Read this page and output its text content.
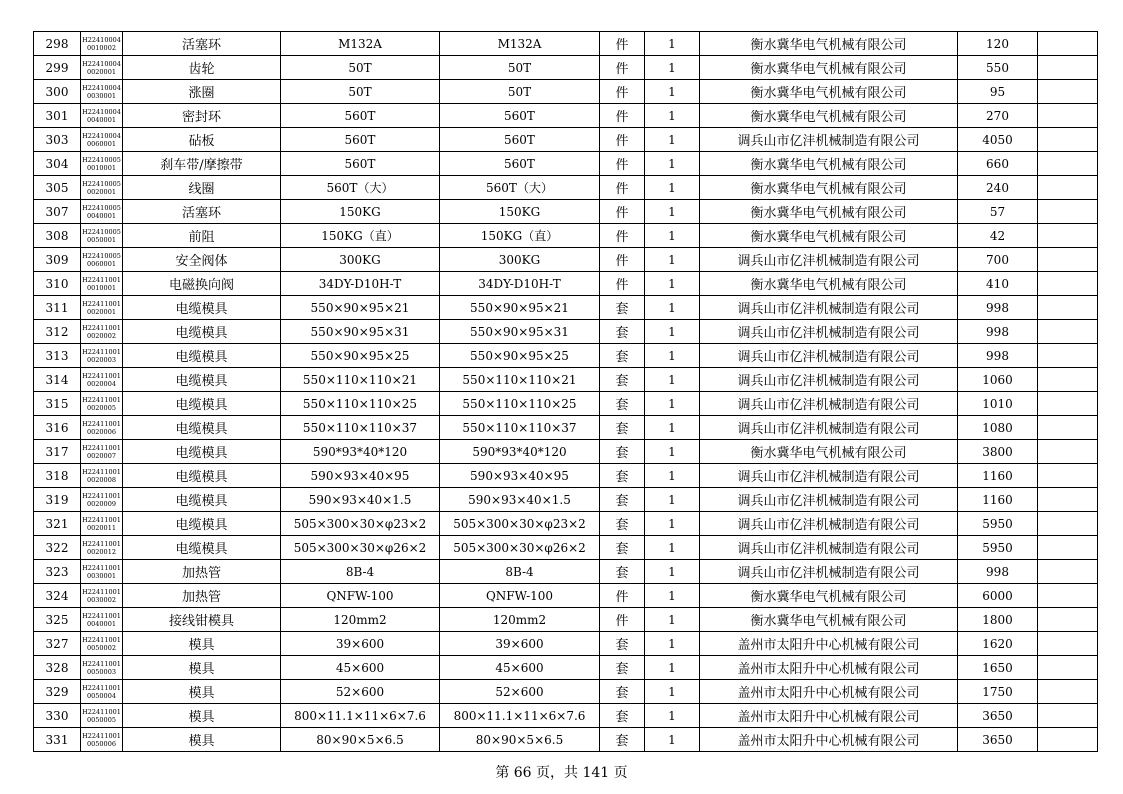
298	H22410004 0010002	活塞环	M132A	M132A	件	1	衡水冀华电气机械有限公司	120	
299	H22410004 0020001	齿轮	50T	50T	件	1	衡水冀华电气机械有限公司	550	
300	H22410004 0030001	涨圈	50T	50T	件	1	衡水冀华电气机械有限公司	95	
301	H22410004 0040001	密封环	560T	560T	件	1	衡水冀华电气机械有限公司	270	
303	H22410004 0060001	砧板	560T	560T	件	1	调兵山市亿沣机械制造有限公司	4050	
304	H22410005 0010001	刹车带/摩擦带	560T	560T	件	1	衡水冀华电气机械有限公司	660	
305	H22410005 0020001	线圈	560T（大）	560T（大）	件	1	衡水冀华电气机械有限公司	240	
307	H22410005 0040001	活塞环	150KG	150KG	件	1	衡水冀华电气机械有限公司	57	
308	H22410005 0050001	前阻	150KG（直）	150KG（直）	件	1	衡水冀华电气机械有限公司	42	
309	H22410005 0060001	安全阀体	300KG	300KG	件	1	调兵山市亿沣机械制造有限公司	700	
310	H22411001 0010001	电磁换向阀	34DY-D10H-T	34DY-D10H-T	件	1	衡水冀华电气机械有限公司	410	
311	H22411001 0020001	电缆模具	550×90×95×21	550×90×95×21	套	1	调兵山市亿沣机械制造有限公司	998	
312	H22411001 0020002	电缆模具	550×90×95×31	550×90×95×31	套	1	调兵山市亿沣机械制造有限公司	998	
313	H22411001 0020003	电缆模具	550×90×95×25	550×90×95×25	套	1	调兵山市亿沣机械制造有限公司	998	
314	H22411001 0020004	电缆模具	550×110×110×21	550×110×110×21	套	1	调兵山市亿沣机械制造有限公司	1060	
315	H22411001 0020005	电缆模具	550×110×110×25	550×110×110×25	套	1	调兵山市亿沣机械制造有限公司	1010	
316	H22411001 0020006	电缆模具	550×110×110×37	550×110×110×37	套	1	调兵山市亿沣机械制造有限公司	1080	
317	H22411001 0020007	电缆模具	590*93*40*120	590*93*40*120	套	1	衡水冀华电气机械有限公司	3800	
318	H22411001 0020008	电缆模具	590×93×40×95	590×93×40×95	套	1	调兵山市亿沣机械制造有限公司	1160	
319	H22411001 0020009	电缆模具	590×93×40×1.5	590×93×40×1.5	套	1	调兵山市亿沣机械制造有限公司	1160	
321	H22411001 0020011	电缆模具	505×300×30×φ23×2	505×300×30×φ23×2	套	1	调兵山市亿沣机械制造有限公司	5950	
322	H22411001 0020012	电缆模具	505×300×30×φ26×2	505×300×30×φ26×2	套	1	调兵山市亿沣机械制造有限公司	5950	
323	H22411001 0030001	加热管	8B-4	8B-4	套	1	调兵山市亿沣机械制造有限公司	998	
324	H22411001 0030002	加热管	QNFW-100	QNFW-100	件	1	衡水冀华电气机械有限公司	6000	
325	H22411001 0040001	接线钳模具	120mm2	120mm2	件	1	衡水冀华电气机械有限公司	1800	
327	H22411001 0050002	模具	39×600	39×600	套	1	盖州市太阳升中心机械有限公司	1620	
328	H22411001 0050003	模具	45×600	45×600	套	1	盖州市太阳升中心机械有限公司	1650	
329	H22411001 0050004	模具	52×600	52×600	套	1	盖州市太阳升中心机械有限公司	1750	
330	H22411001 0050005	模具	800×11.1×11×6×7.6	800×11.1×11×6×7.6	套	1	盖州市太阳升中心机械有限公司	3650	
331	H22411001 0050006	模具	80×90×5×6.5	80×90×5×6.5	套	1	盖州市太阳升中心机械有限公司	3650	
第 66 页，共 141 页
